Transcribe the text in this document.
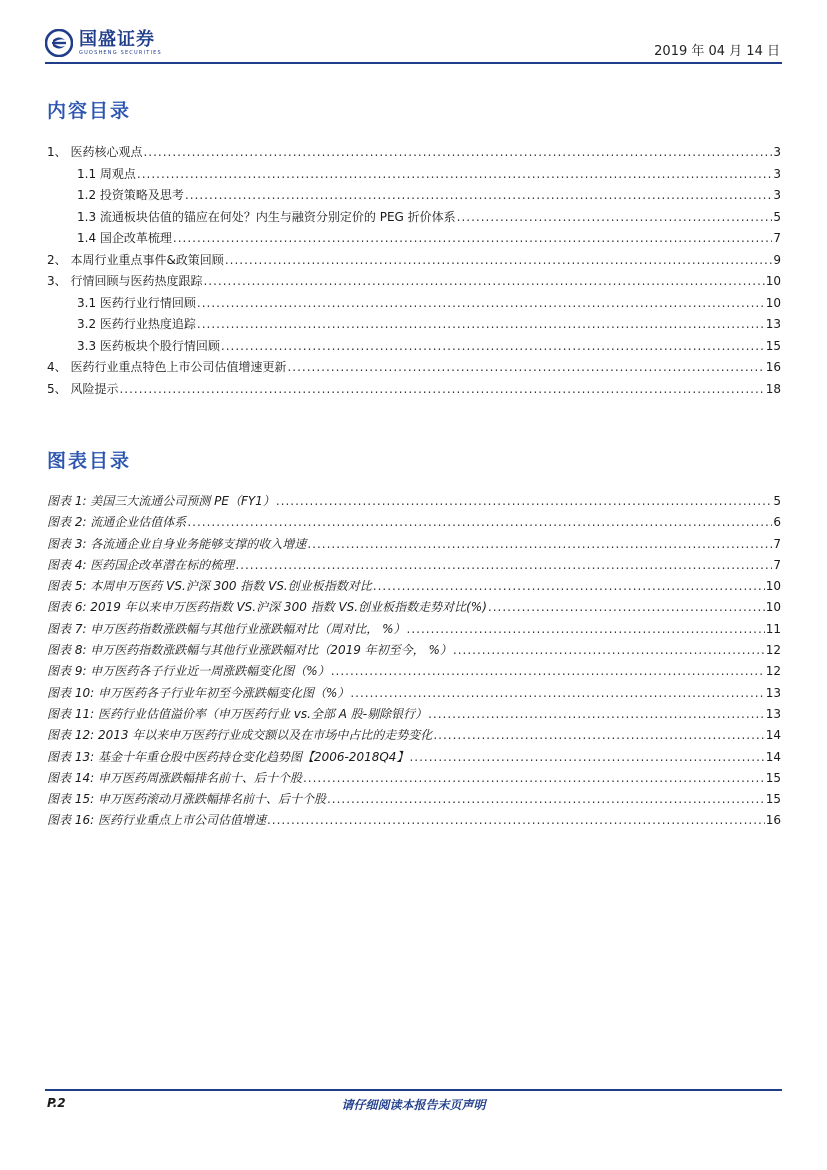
国盛证券
GUOSHENG SECURITIES	2019 年 04 月 14 日
内容目录
1、 医药核心观点 .....	3
1.1 周观点 .....	3
1.2 投资策略及思考 .....	3
1.3 流通板块估值的锚应在何处？内生与融资分别定价的 PEG 折价体系 .....	5
1.4 国企改革梳理 .....	7
2、 本周行业重点事件&政策回顾 .....	9
3、 行情回顾与医药热度跟踪 .....	10
3.1 医药行业行情回顾 .....	10
3.2 医药行业热度追踪 .....	13
3.3 医药板块个股行情回顾 .....	15
4、 医药行业重点特色上市公司估值增速更新 .....	16
5、 风险提示 .....	18
图表目录
图表 1: 美国三大流通公司预测 PE（FY1） .....	5
图表 2: 流通企业估值体系 .....	6
图表 3: 各流通企业自身业务能够支撑的收入增速 .....	7
图表 4: 医药国企改革潜在标的梳理 .....	7
图表 5: 本周申万医药 VS.沪深 300 指数 VS.创业板指数对比 .....	10
图表 6: 2019 年以来申万医药指数 VS.沪深 300 指数 VS.创业板指数走势对比(%) .....	10
图表 7: 申万医药指数涨跌幅与其他行业涨跌幅对比（周对比， %） .....	11
图表 8: 申万医药指数涨跌幅与其他行业涨跌幅对比（2019 年初至今， %） .....	12
图表 9: 申万医药各子行业近一周涨跌幅变化图（%） .....	12
图表 10: 申万医药各子行业年初至今涨跌幅变化图（%） .....	13
图表 11: 医药行业估值溢价率（申万医药行业 vs.全部 A 股-剔除银行） .....	13
图表 12: 2013 年以来申万医药行业成交额以及在市场中占比的走势变化 .....	14
图表 13: 基金十年重仓股中医药持仓变化趋势图【2006-2018Q4】 .....	14
图表 14: 申万医药周涨跌幅排名前十、后十个股 .....	15
图表 15: 申万医药滚动月涨跌幅排名前十、后十个股 .....	15
图表 16: 医药行业重点上市公司估值增速 .....	16
P.2	请仔细阅读本报告末页声明
